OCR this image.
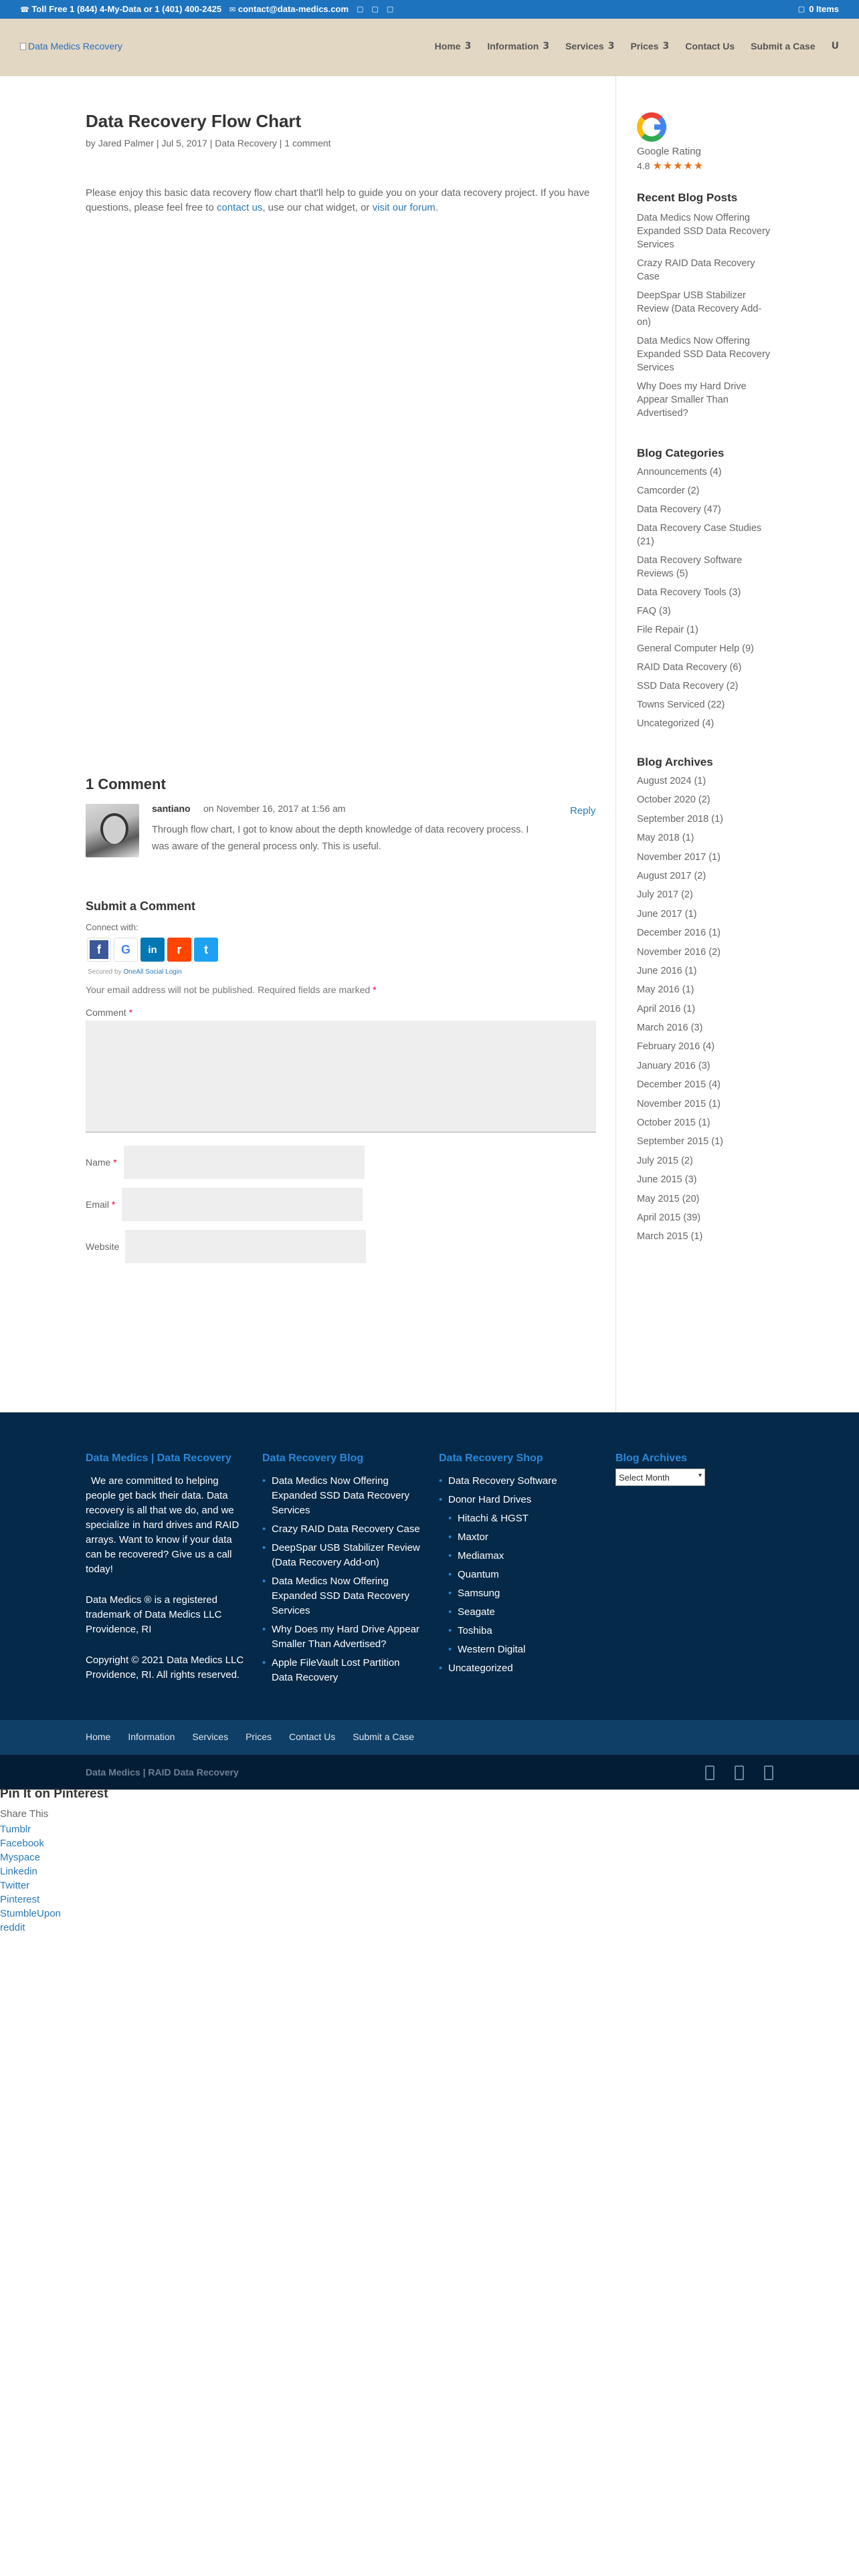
☎ Toll Free 1 (844) 4-My-Data or 1 (401) 400-2425 ✉ contact@data-medics.com ▢ ▢ ▢	▢ 0 Items
Data Medics Recovery	Home 3 Information 3 Services 3 Prices 3 Contact Us Submit a Case U
Data Recovery Flow Chart
by Jared Palmer | Jul 5, 2017 | Data Recovery | 1 comment

Please enjoy this basic data recovery flow chart that'll help to guide you on your data recovery project. If you have questions, please feel free to contact us, use our chat widget, or visit our forum.

Google Rating
4.8 ★★★★★
Recent Blog Posts
Data Medics Now Offering Expanded SSD Data Recovery Services
Crazy RAID Data Recovery Case
DeepSpar USB Stabilizer Review (Data Recovery Add-on)
Data Medics Now Offering Expanded SSD Data Recovery Services
Why Does my Hard Drive Appear Smaller Than Advertised?
Blog Categories
Announcements (4)
Camcorder (2)
Data Recovery (47)
Data Recovery Case Studies (21)
Data Recovery Software Reviews (5)
Data Recovery Tools (3)
FAQ (3)
File Repair (1)
General Computer Help (9)
RAID Data Recovery (6)
SSD Data Recovery (2)
Towns Serviced (22)
Uncategorized (4)
Blog Archives
August 2024 (1)
October 2020 (2)
September 2018 (1)
May 2018 (1)
November 2017 (1)
August 2017 (2)
July 2017 (2)
June 2017 (1)
December 2016 (1)
November 2016 (2)
June 2016 (1)
May 2016 (1)
April 2016 (1)
March 2016 (3)
February 2016 (4)
January 2016 (3)
December 2015 (4)
November 2015 (1)
October 2015 (1)
September 2015 (1)
July 2015 (2)
June 2015 (3)
May 2015 (20)
April 2015 (39)
March 2015 (1)
1 Comment
santiano on November 16, 2017 at 1:56 am

Through flow chart, I got to know about the depth knowledge of data recovery process. I was aware of the general process only. This is useful.

Reply
Submit a Comment
Connect with:
f	G in r t
Secured by OneAll Social Login
Your email address will not be published. Required fields are marked *
Comment *
Name *
Email *
Website
Data Medics | Data Recovery

We are committed to helping people get back their data. Data recovery is all that we do, and we specialize in hard drives and RAID arrays. Want to know if your data can be recovered? Give us a call today!

Data Medics ® is a registered trademark of Data Medics LLC Providence, RI

Copyright © 2021 Data Medics LLC Providence, RI. All rights reserved.

Data Recovery Blog
• Data Medics Now Offering Expanded SSD Data Recovery Services
• Crazy RAID Data Recovery Case
• DeepSpar USB Stabilizer Review (Data Recovery Add-on)
• Data Medics Now Offering Expanded SSD Data Recovery Services
• Why Does my Hard Drive Appear Smaller Than Advertised?
• Apple FileVault Lost Partition Data Recovery
Data Recovery Shop
• Data Recovery Software
• Donor Hard Drives
• Hitachi & HGST
• Maxtor
• Mediamax
• Quantum
• Samsung
• Seagate
• Toshiba
• Western Digital
• Uncategorized
Blog Archives
Select Month	▾
Home Information Services Prices Contact Us Submit a Case
Data Medics | RAID Data Recovery
Pin It on Pinterest
Share This
Tumblr
Facebook
Myspace
Linkedin
Twitter
Pinterest
StumbleUpon
reddit
